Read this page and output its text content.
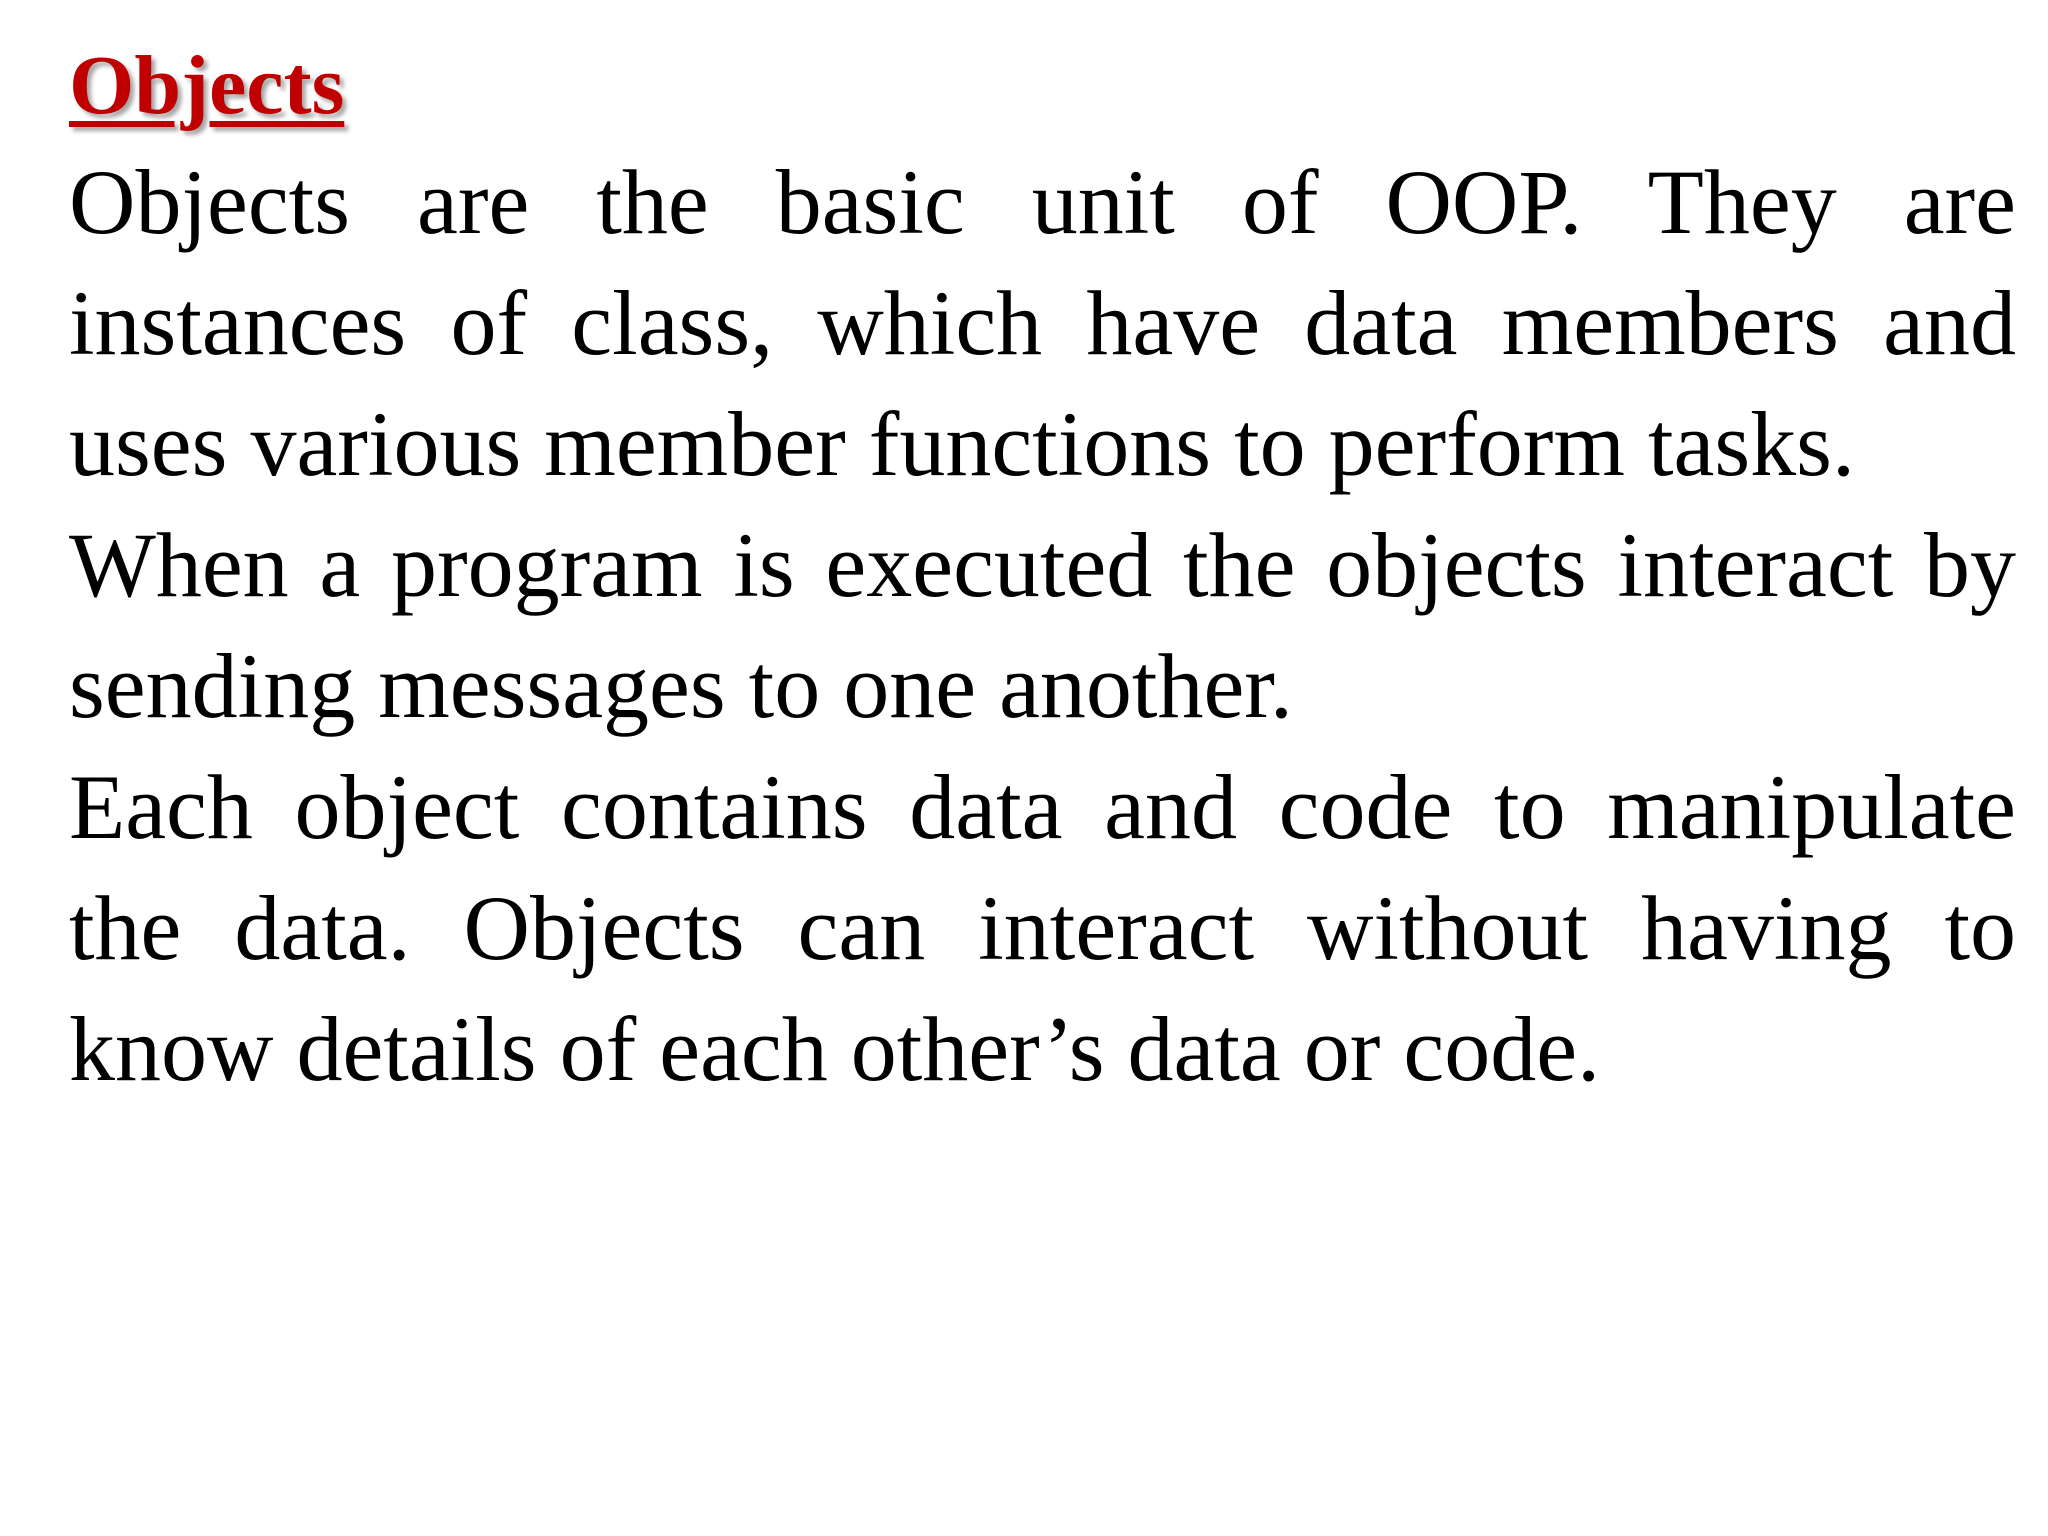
Objects

Objects are the basic unit of OOP. They are instances of class, which have data members and uses various member functions to perform tasks.

When a program is executed the objects interact by sending messages to one another.

Each object contains data and code to manipulate the data. Objects can interact without having to know details of each other’s data or code.
